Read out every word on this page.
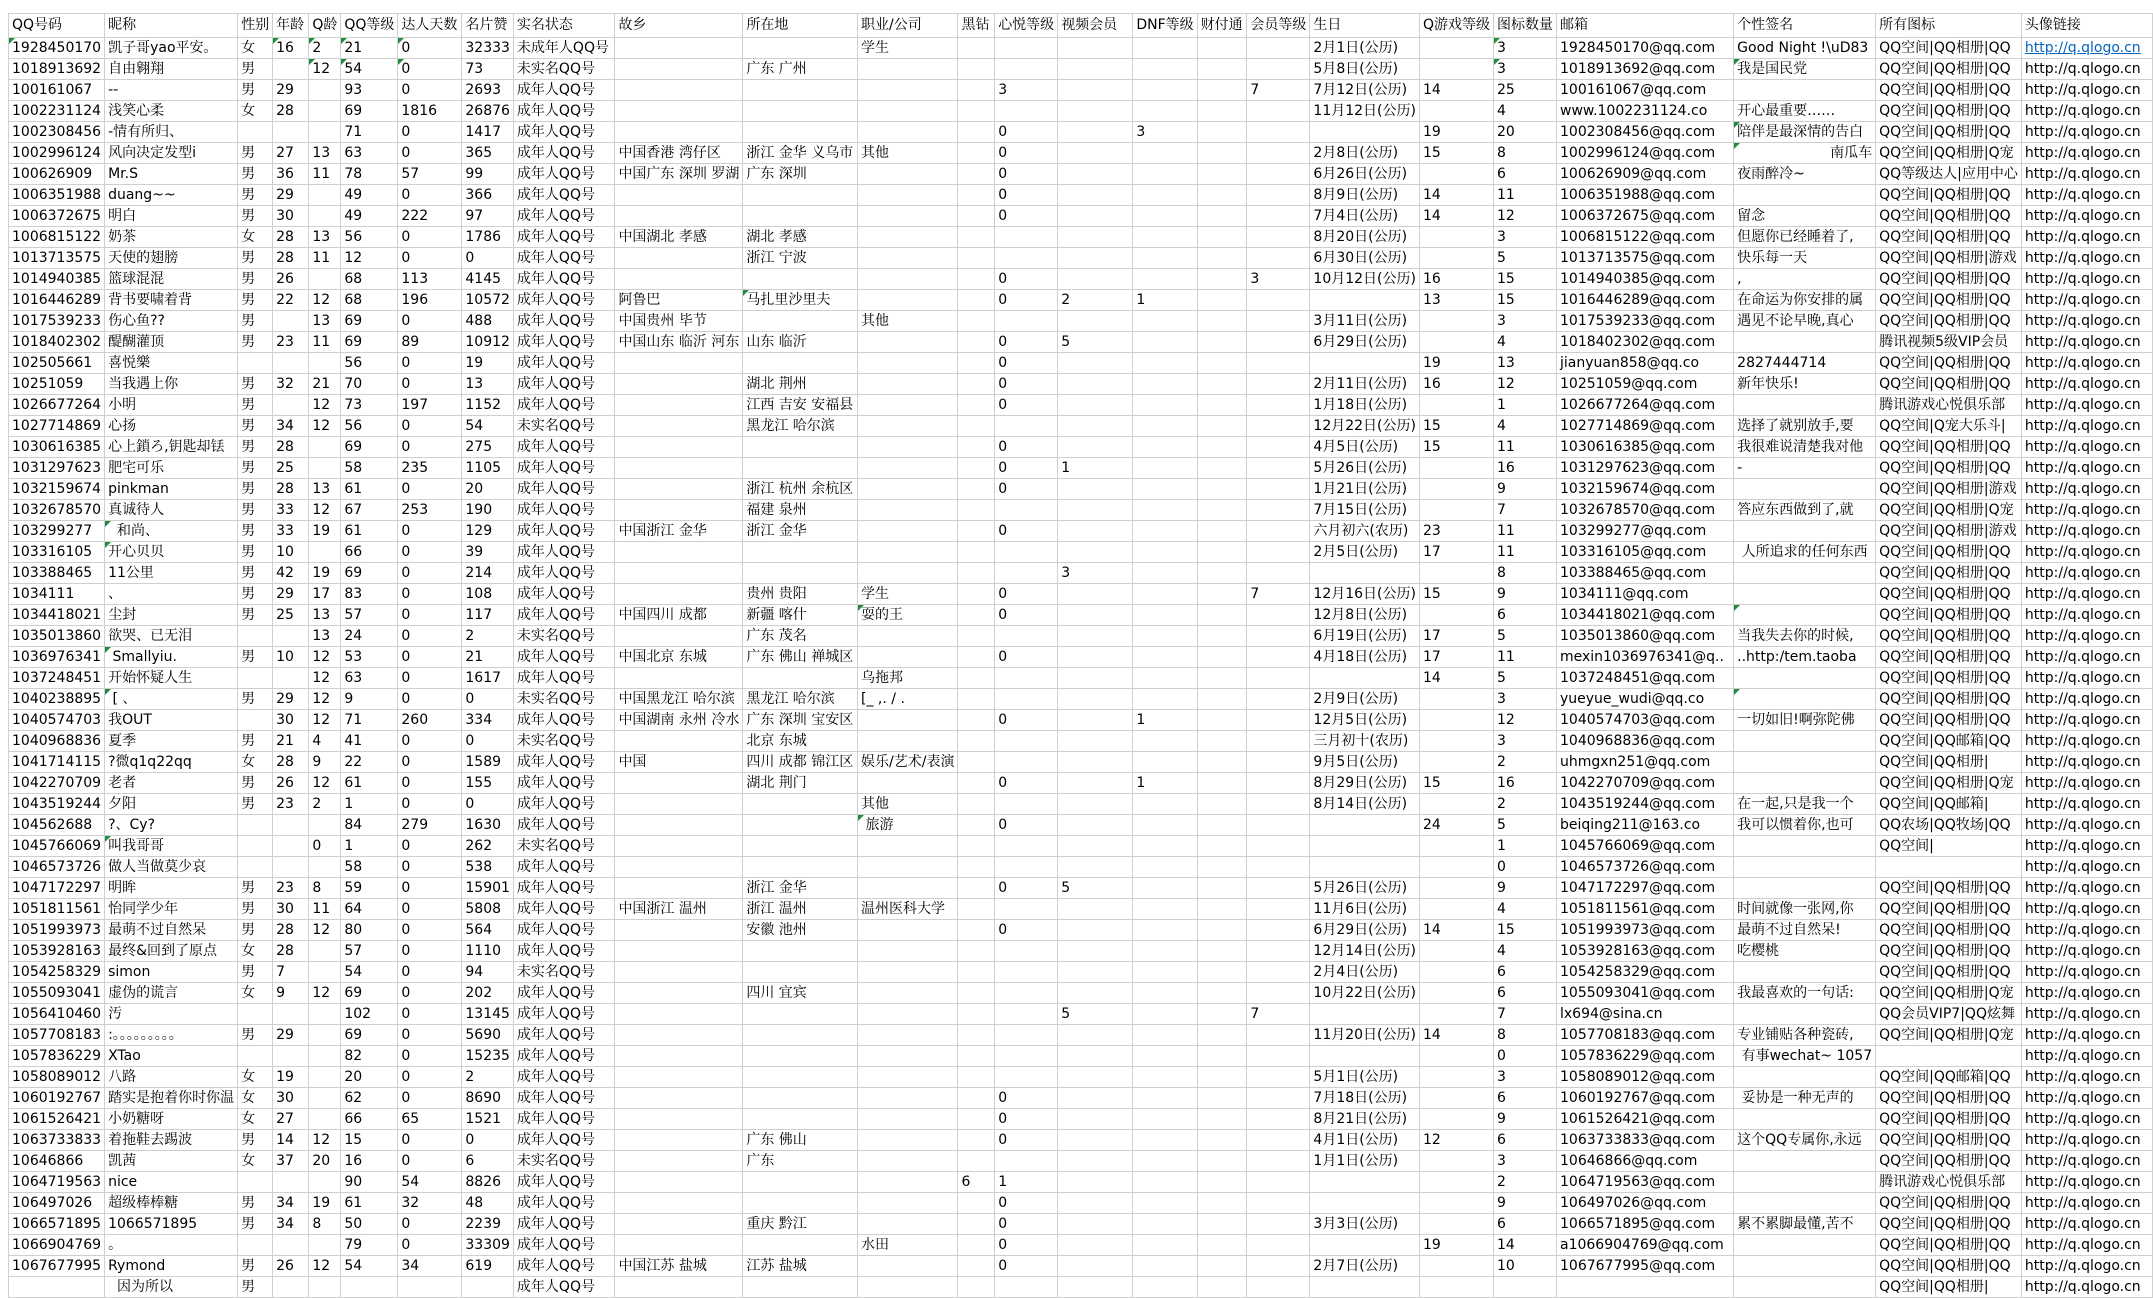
QQ号码	昵称	性别	年龄	Q龄	QQ等级	达人天数	名片赞	实名状态	故乡	所在地	职业/公司	黑钻	心悦等级	视频会员	DNF等级	财付通	会员等级	生日	Q游戏等级	图标数量	邮箱	个性签名	所有图标	头像链接
1928450170	凯子哥yao平安。	女	16	2	21	0	32333	未成年人QQ号			学生							2月1日(公历)		3	1928450170@qq.com	Good Night !\uD83	QQ空间|QQ相册|QQ	http://q.qlogo.cn
1018913692	自由翱翔	男		12	54	0	73	未实名QQ号		广东 广州								5月8日(公历)		3	1018913692@qq.com	我是国民党	QQ空间|QQ相册|QQ	http://q.qlogo.cn
100161067	--	男	29		93	0	2693	成年人QQ号					3				7	7月12日(公历)	14	25	100161067@qq.com		QQ空间|QQ相册|QQ	http://q.qlogo.cn
1002231124	浅笑心柔	女	28		69	1816	26876	成年人QQ号										11月12日(公历)		4	www.1002231124.co	开心最重要……	QQ空间|QQ相册|QQ	http://q.qlogo.cn
1002308456	-情有所归、				71	0	1417	成年人QQ号					0		3				19	20	1002308456@qq.com	陪伴是最深情的告白	QQ空间|QQ相册|QQ	http://q.qlogo.cn
1002996124	风向决定发型i	男	27	13	63	0	365	成年人QQ号	中国香港 湾仔区	浙江 金华 义乌市	其他		0					2月8日(公历)	15	8	1002996124@qq.com	南瓜车	QQ空间|QQ相册|Q宠	http://q.qlogo.cn
100626909	Mr.S	男	36	11	78	57	99	成年人QQ号	中国广东 深圳 罗湖	广东 深圳			0					6月26日(公历)		6	100626909@qq.com	夜雨醉冷~	QQ等级达人|应用中心	http://q.qlogo.cn
1006351988	duang~~	男	29		49	0	366	成年人QQ号					0					8月9日(公历)	14	11	1006351988@qq.com		QQ空间|QQ相册|QQ	http://q.qlogo.cn
1006372675	明白	男	30		49	222	97	成年人QQ号					0					7月4日(公历)	14	12	1006372675@qq.com	留念	QQ空间|QQ相册|QQ	http://q.qlogo.cn
1006815122	奶茶	女	28	13	56	0	1786	成年人QQ号	中国湖北 孝感	湖北 孝感								8月20日(公历)		3	1006815122@qq.com	但愿你已经睡着了,	QQ空间|QQ相册|QQ	http://q.qlogo.cn
1013713575	天使的翅膀	男	28	11	12	0	0	成年人QQ号		浙江 宁波								6月30日(公历)		5	1013713575@qq.com	快乐每一天	QQ空间|QQ相册|游戏	http://q.qlogo.cn
1014940385	篮球混混	男	26		68	113	4145	成年人QQ号					0				3	10月12日(公历)	16	15	1014940385@qq.com	,	QQ空间|QQ相册|QQ	http://q.qlogo.cn
1016446289	背书要啸着背	男	22	12	68	196	10572	成年人QQ号	阿鲁巴	马扎里沙里夫			0	2	1				13	15	1016446289@qq.com	在命运为你安排的属	QQ空间|QQ相册|QQ	http://q.qlogo.cn
1017539233	伤心鱼??	男		13	69	0	488	成年人QQ号	中国贵州 毕节		其他							3月11日(公历)		3	1017539233@qq.com	遇见不论早晚,真心	QQ空间|QQ相册|QQ	http://q.qlogo.cn
1018402302	醍醐灌顶	男	23	11	69	89	10912	成年人QQ号	中国山东 临沂 河东	山东 临沂			0	5				6月29日(公历)		4	1018402302@qq.com		腾讯视频5级VIP会员	http://q.qlogo.cn
102505661	喜悦樂				56	0	19	成年人QQ号					0						19	13	jianyuan858@qq.co	2827444714	QQ空间|QQ相册|QQ	http://q.qlogo.cn
10251059	当我遇上你	男	32	21	70	0	13	成年人QQ号		湖北 荆州			0					2月11日(公历)	16	12	10251059@qq.com	新年快乐!	QQ空间|QQ相册|QQ	http://q.qlogo.cn
1026677264	小明	男		12	73	197	1152	成年人QQ号		江西 吉安 安福县			0					1月18日(公历)		1	1026677264@qq.com		腾讯游戏心悦俱乐部	http://q.qlogo.cn
1027714869	心扬	男	34	12	56	0	54	未实名QQ号		黑龙江 哈尔滨								12月22日(公历)	15	4	1027714869@qq.com	选择了就别放手,要	QQ空间|Q宠大乐斗|	http://q.qlogo.cn
1030616385	心上鎖ろ,钥匙却铥	男	28		69	0	275	成年人QQ号					0					4月5日(公历)	15	11	1030616385@qq.com	我很难说清楚我对他	QQ空间|QQ相册|QQ	http://q.qlogo.cn
1031297623	肥宅可乐	男	25		58	235	1105	成年人QQ号					0	1				5月26日(公历)		16	1031297623@qq.com	-	QQ空间|QQ相册|QQ	http://q.qlogo.cn
1032159674	pinkman	男	28	13	61	0	20	成年人QQ号		浙江 杭州 余杭区			0					1月21日(公历)		9	1032159674@qq.com		QQ空间|QQ相册|游戏	http://q.qlogo.cn
1032678570	真诚待人	男	33	12	67	253	190	成年人QQ号		福建 泉州								7月15日(公历)		7	1032678570@qq.com	答应东西做到了,就	QQ空间|QQ相册|Q宠	http://q.qlogo.cn
103299277	和尚、	男	33	19	61	0	129	成年人QQ号	中国浙江 金华	浙江 金华			0					六月初六(农历)	23	11	103299277@qq.com		QQ空间|QQ相册|游戏	http://q.qlogo.cn
103316105	开心贝贝	男	10		66	0	39	成年人QQ号										2月5日(公历)	17	11	103316105@qq.com	人所追求的任何东西	QQ空间|QQ相册|QQ	http://q.qlogo.cn
103388465	11公里	男	42	19	69	0	214	成年人QQ号						3						8	103388465@qq.com		QQ空间|QQ相册|QQ	http://q.qlogo.cn
1034111	、	男	29	17	83	0	108	成年人QQ号		贵州 贵阳	学生		0				7	12月16日(公历)	15	9	1034111@qq.com		QQ空间|QQ相册|QQ	http://q.qlogo.cn
1034418021	尘封	男	25	13	57	0	117	成年人QQ号	中国四川 成都	新疆 喀什	耍的王		0					12月8日(公历)		6	1034418021@qq.com		QQ空间|QQ相册|QQ	http://q.qlogo.cn
1035013860	欲哭、已无泪			13	24	0	2	未实名QQ号		广东 茂名								6月19日(公历)	17	5	1035013860@qq.com	当我失去你的时候,	QQ空间|QQ相册|QQ	http://q.qlogo.cn
1036976341	Smallyiu.	男	10	12	53	0	21	成年人QQ号	中国北京 东城	广东 佛山 禅城区			0					4月18日(公历)	17	11	mexin1036976341@q..	..http:/tem.taoba	QQ空间|QQ相册|QQ	http://q.qlogo.cn
1037248451	开始怀疑人生			12	63	0	1617	成年人QQ号			乌拖邦								14	5	1037248451@qq.com		QQ空间|QQ相册|QQ	http://q.qlogo.cn
1040238895	[ 、	男	29	12	9	0	0	未实名QQ号	中国黑龙江 哈尔滨	黑龙江 哈尔滨	[_ ,. / .							2月9日(公历)		3	yueyue_wudi@qq.co		QQ空间|QQ相册|QQ	http://q.qlogo.cn
1040574703	我OUT		30	12	71	260	334	成年人QQ号	中国湖南 永州 冷水	广东 深圳 宝安区			0		1			12月5日(公历)		12	1040574703@qq.com	一切如旧!啊弥陀佛	QQ空间|QQ相册|QQ	http://q.qlogo.cn
1040968836	夏季	男	21	4	41	0	0	未实名QQ号		北京 东城								三月初十(农历)		3	1040968836@qq.com		QQ空间|QQ邮箱|QQ	http://q.qlogo.cn
1041714115	?微q1q22qq	女	28	9	22	0	1589	成年人QQ号	中国	四川 成都 锦江区	娱乐/艺术/表演							9月5日(公历)		2	uhmgxn251@qq.com		QQ空间|QQ相册|	http://q.qlogo.cn
1042270709	老者	男	26	12	61	0	155	成年人QQ号		湖北 荆门			0		1			8月29日(公历)	15	16	1042270709@qq.com		QQ空间|QQ相册|Q宠	http://q.qlogo.cn
1043519244	夕阳	男	23	2	1	0	0	成年人QQ号			其他							8月14日(公历)		2	1043519244@qq.com	在一起,只是我一个	QQ空间|QQ邮箱|	http://q.qlogo.cn
104562688	?、Cy?				84	279	1630	成年人QQ号			旅游		0						24	5	beiqing211@163.co	我可以惯着你,也可	QQ农场|QQ牧场|QQ	http://q.qlogo.cn
1045766069	叫我哥哥			0	1	0	262	未实名QQ号												1	1045766069@qq.com		QQ空间|	http://q.qlogo.cn
1046573726	做人当做莫少哀				58	0	538	成年人QQ号												0	1046573726@qq.com			http://q.qlogo.cn
1047172297	明眸	男	23	8	59	0	15901	成年人QQ号		浙江 金华			0	5				5月26日(公历)		9	1047172297@qq.com		QQ空间|QQ相册|QQ	http://q.qlogo.cn
1051811561	怡同学少年	男	30	11	64	0	5808	成年人QQ号	中国浙江 温州	浙江 温州	温州医科大学							11月6日(公历)		4	1051811561@qq.com	时间就像一张网,你	QQ空间|QQ相册|QQ	http://q.qlogo.cn
1051993973	最萌不过自然呆	男	28	12	80	0	564	成年人QQ号		安徽 池州			0					6月29日(公历)	14	15	1051993973@qq.com	最萌不过自然呆!	QQ空间|QQ相册|QQ	http://q.qlogo.cn
1053928163	最终&回到了原点	女	28		57	0	1110	成年人QQ号										12月14日(公历)		4	1053928163@qq.com	吃樱桃	QQ空间|QQ相册|QQ	http://q.qlogo.cn
1054258329	simon	男	7		54	0	94	未实名QQ号										2月4日(公历)		6	1054258329@qq.com		QQ空间|QQ相册|QQ	http://q.qlogo.cn
1055093041	虚伪的谎言	女	9	12	69	0	202	成年人QQ号		四川 宜宾								10月22日(公历)		6	1055093041@qq.com	我最喜欢的一句话:	QQ空间|QQ相册|Q宠	http://q.qlogo.cn
1056410460	汚				102	0	13145	成年人QQ号						5			7			7	lx694@sina.cn		QQ会员VIP7|QQ炫舞	http://q.qlogo.cn
1057708183	:。。。。。。。。。	男	29		69	0	5690	成年人QQ号										11月20日(公历)	14	8	1057708183@qq.com	专业铺贴各种瓷砖,	QQ空间|QQ相册|Q宠	http://q.qlogo.cn
1057836229	XTao				82	0	15235	成年人QQ号												0	1057836229@qq.com	有事wechat~ 1057		http://q.qlogo.cn
1058089012	八路	女	19		20	0	2	成年人QQ号										5月1日(公历)		3	1058089012@qq.com		QQ空间|QQ邮箱|QQ	http://q.qlogo.cn
1060192767	踏实是抱着你时你温	女	30		62	0	8690	成年人QQ号					0					7月18日(公历)		6	1060192767@qq.com	妥协是一种无声的	QQ空间|QQ相册|QQ	http://q.qlogo.cn
1061526421	小奶糖呀	女	27		66	65	1521	成年人QQ号					0					8月21日(公历)		9	1061526421@qq.com		QQ空间|QQ相册|QQ	http://q.qlogo.cn
1063733833	着拖鞋去踢波	男	14	12	15	0	0	成年人QQ号		广东 佛山			0					4月1日(公历)	12	6	1063733833@qq.com	这个QQ专属你,永远	QQ空间|QQ相册|QQ	http://q.qlogo.cn
10646866	凯茜	女	37	20	16	0	6	未实名QQ号		广东								1月1日(公历)		3	10646866@qq.com		QQ空间|QQ相册|QQ	http://q.qlogo.cn
1064719563	nice				90	54	8826	成年人QQ号				6	1							2	1064719563@qq.com		腾讯游戏心悦俱乐部	http://q.qlogo.cn
106497026	超级棒棒糖	男	34	19	61	32	48	成年人QQ号					0							9	106497026@qq.com		QQ空间|QQ相册|QQ	http://q.qlogo.cn
1066571895	1066571895	男	34	8	50	0	2239	成年人QQ号		重庆 黔江			0					3月3日(公历)		6	1066571895@qq.com	累不累脚最懂,苦不	QQ空间|QQ相册|QQ	http://q.qlogo.cn
1066904769	。				79	0	33309	成年人QQ号			水田		0						19	14	a1066904769@qq.com		QQ空间|QQ相册|QQ	http://q.qlogo.cn
1067677995	Rymond	男	26	12	54	34	619	成年人QQ号	中国江苏 盐城	江苏 盐城			0					2月7日(公历)		10	1067677995@qq.com		QQ空间|QQ相册|QQ	http://q.qlogo.cn
	因为所以	男						成年人QQ号															QQ空间|QQ相册|	http://q.qlogo.cn
